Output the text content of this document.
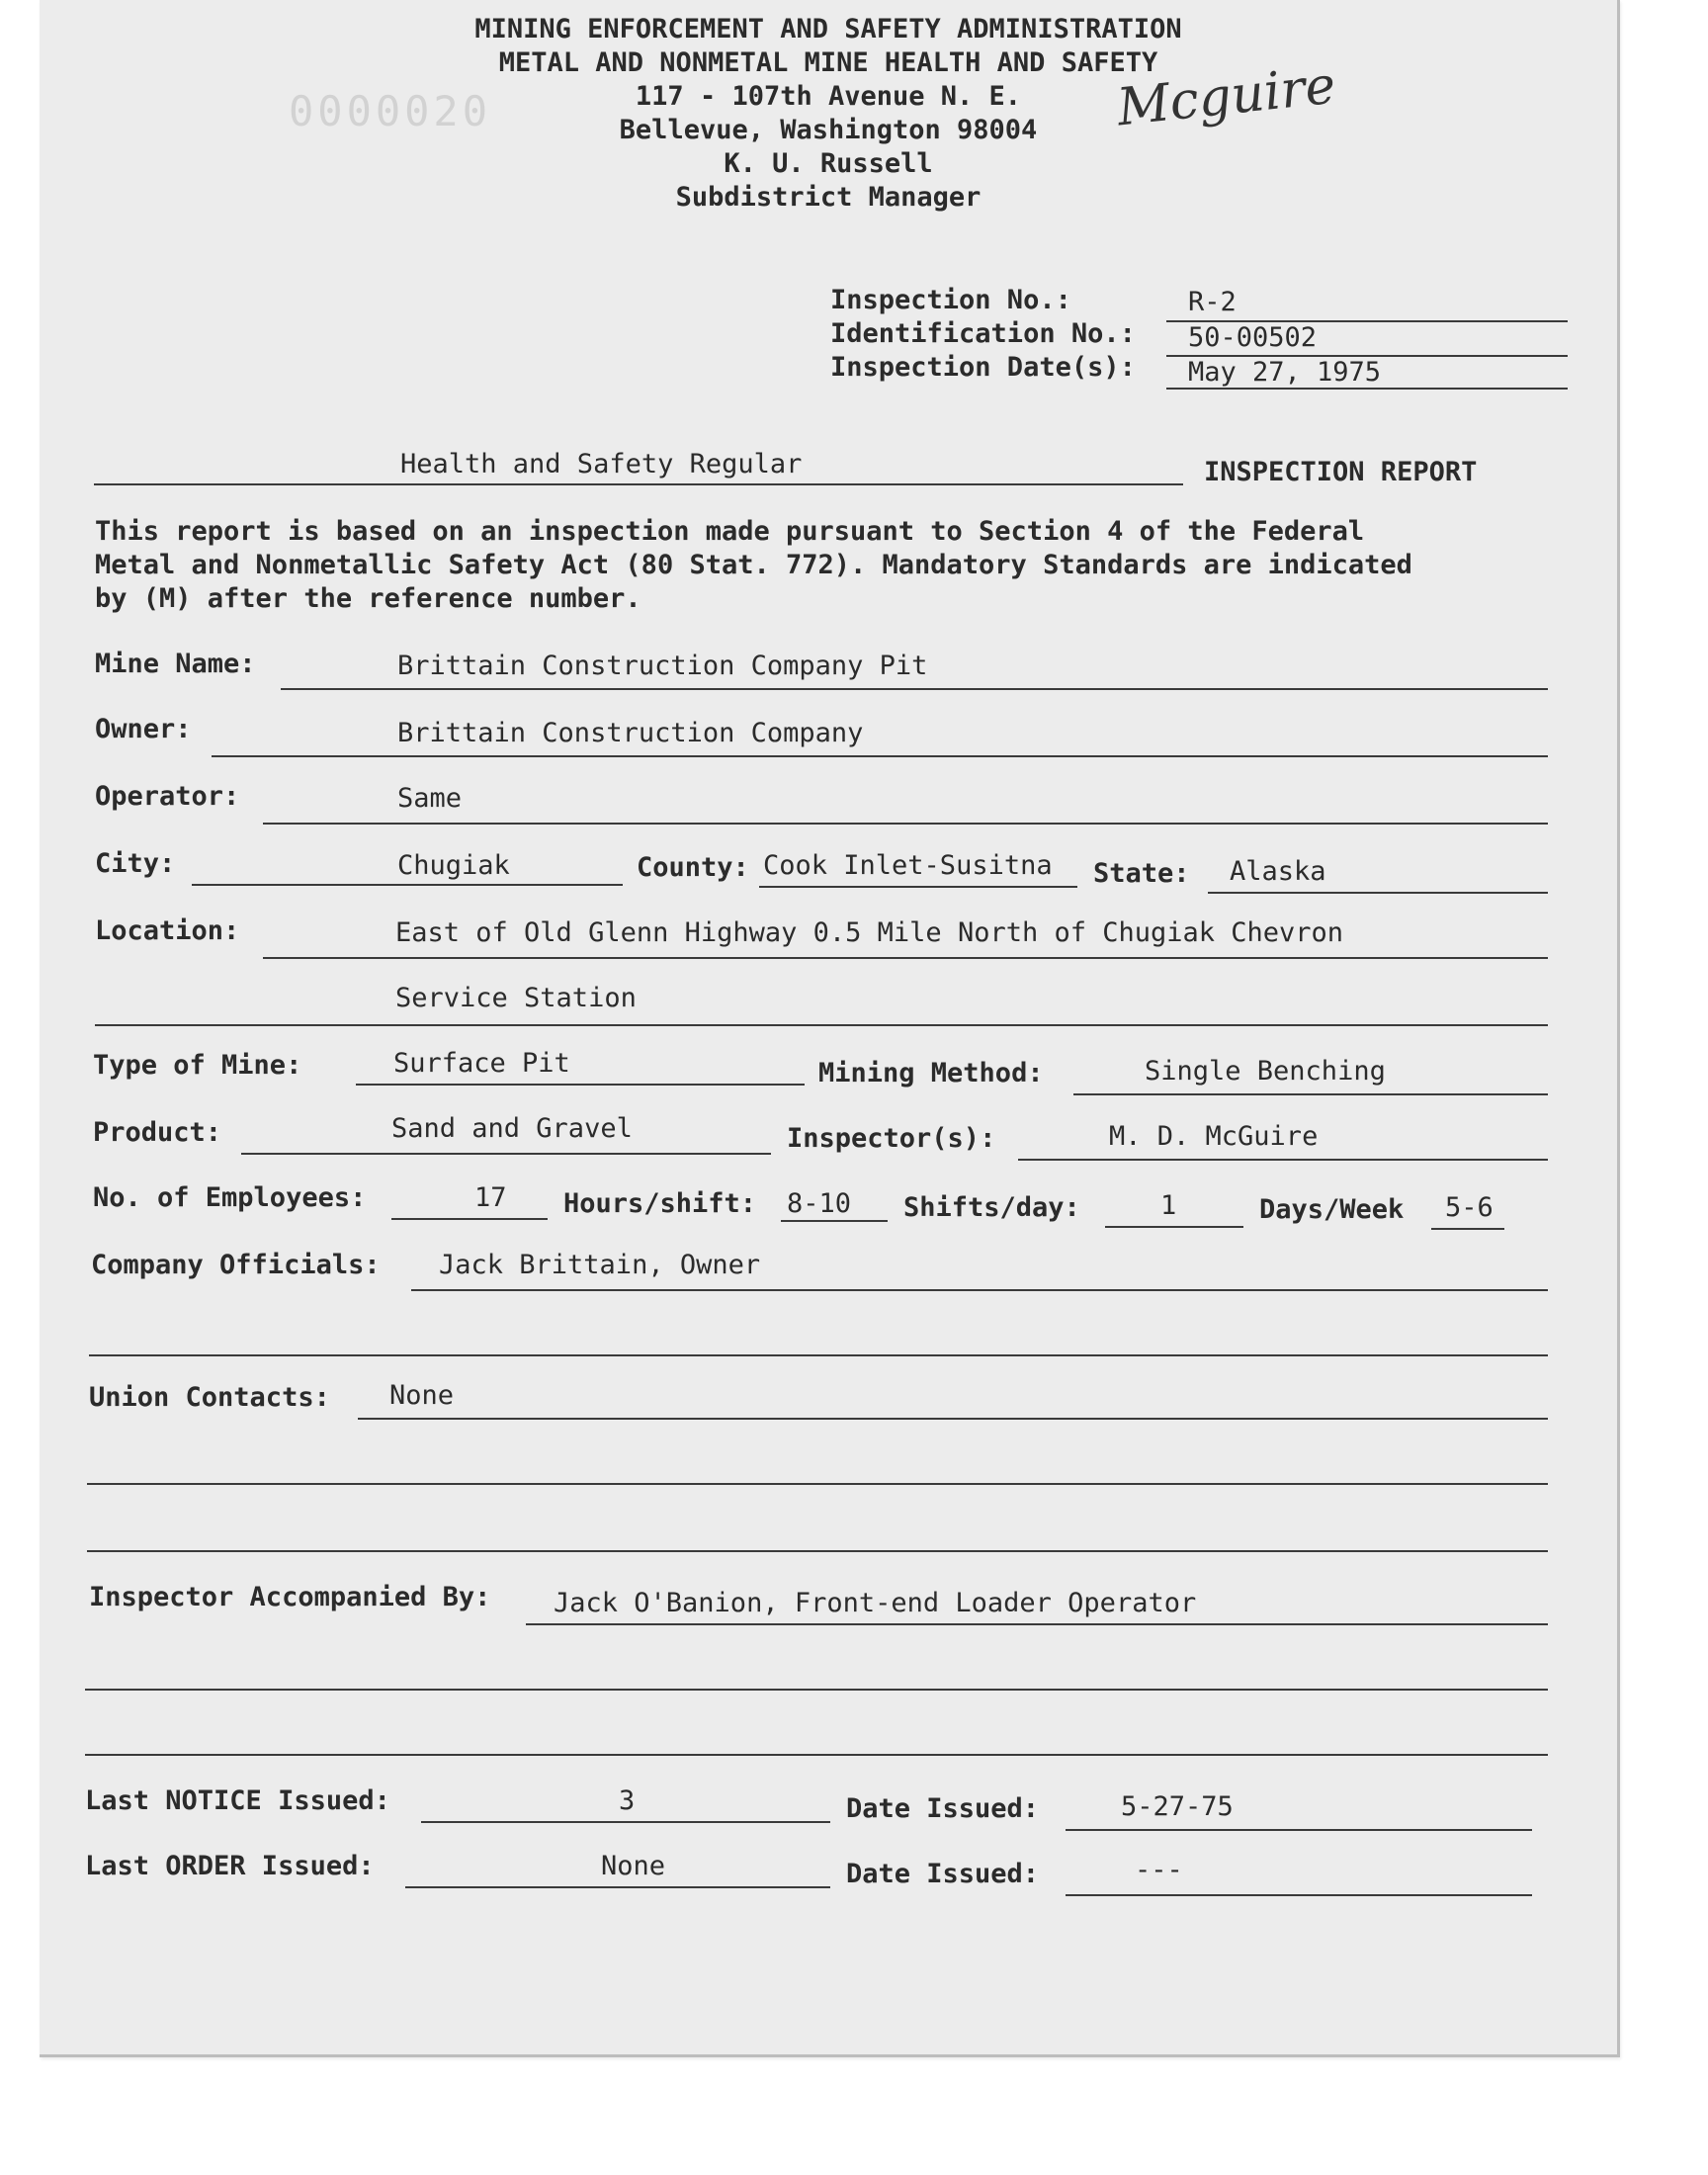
MINING ENFORCEMENT AND SAFETY ADMINISTRATION
METAL AND NONMETAL MINE HEALTH AND SAFETY
117 - 107th Avenue N. E.
Bellevue, Washington 98004
K. U. Russell
Subdistrict Manager
0000020	Mcguire
Inspection No.:	R-2
Identification No.: 50-00502
Inspection Date(s): May 27, 1975
Health and Safety Regular	INSPECTION REPORT
This report is based on an inspection made pursuant to Section 4 of the Federal
Metal and Nonmetallic Safety Act (80 Stat. 772). Mandatory Standards are indicated
by (M) after the reference number.
Mine Name:	Brittain Construction Company Pit
Owner:	Brittain Construction Company
Operator:	Same
City:	Chugiak	County: Cook Inlet-Susitna State: Alaska
Location:	East of Old Glenn Highway 0.5 Mile North of Chugiak Chevron
Service Station
Type of Mine:	Surface Pit	Mining Method:	Single Benching
Product:	Sand and Gravel	Inspector(s):	M. D. McGuire
No. of Employees:	17 Hours/shift: 8-10 Shifts/day:	1	Days/Week 5-6
Company Officials: Jack Brittain, Owner
Union Contacts: None
Inspector Accompanied By: Jack O'Banion, Front-end Loader Operator
Last NOTICE Issued:	3	Date Issued:	5-27-75
Last ORDER Issued:	None	Date Issued:	---
